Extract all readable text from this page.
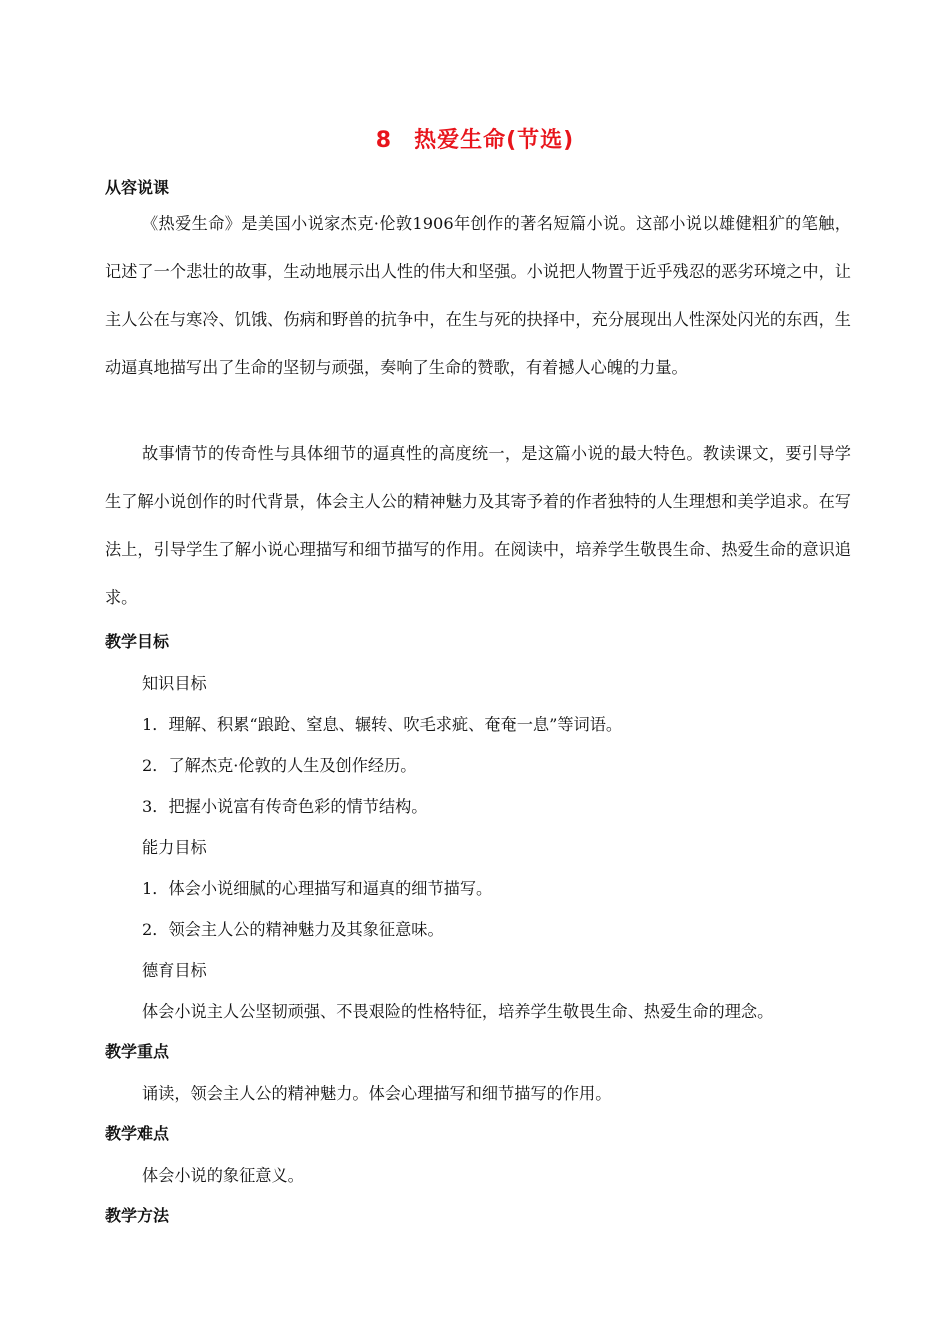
8 热爱生命(节选)
从容说课
《热爱生命》是美国小说家杰克·伦敦1906年创作的著名短篇小说。这部小说以雄健粗犷的笔触，记述了一个悲壮的故事，生动地展示出人性的伟大和坚强。小说把人物置于近乎残忍的恶劣环境之中，让主人公在与寒冷、饥饿、伤病和野兽的抗争中，在生与死的抉择中，充分展现出人性深处闪光的东西，生动逼真地描写出了生命的坚韧与顽强，奏响了生命的赞歌，有着撼人心魄的力量。
故事情节的传奇性与具体细节的逼真性的高度统一，是这篇小说的最大特色。教读课文，要引导学生了解小说创作的时代背景，体会主人公的精神魅力及其寄予着的作者独特的人生理想和美学追求。在写法上，引导学生了解小说心理描写和细节描写的作用。在阅读中，培养学生敬畏生命、热爱生命的意识追求。
教学目标
知识目标
1．理解、积累“踉跄、窒息、辗转、吹毛求疵、奄奄一息”等词语。
2．了解杰克·伦敦的人生及创作经历。
3．把握小说富有传奇色彩的情节结构。
能力目标
1．体会小说细腻的心理描写和逼真的细节描写。
2．领会主人公的精神魅力及其象征意味。
德育目标
体会小说主人公坚韧顽强、不畏艰险的性格特征，培养学生敬畏生命、热爱生命的理念。
教学重点
诵读，领会主人公的精神魅力。体会心理描写和细节描写的作用。
教学难点
体会小说的象征意义。
教学方法
